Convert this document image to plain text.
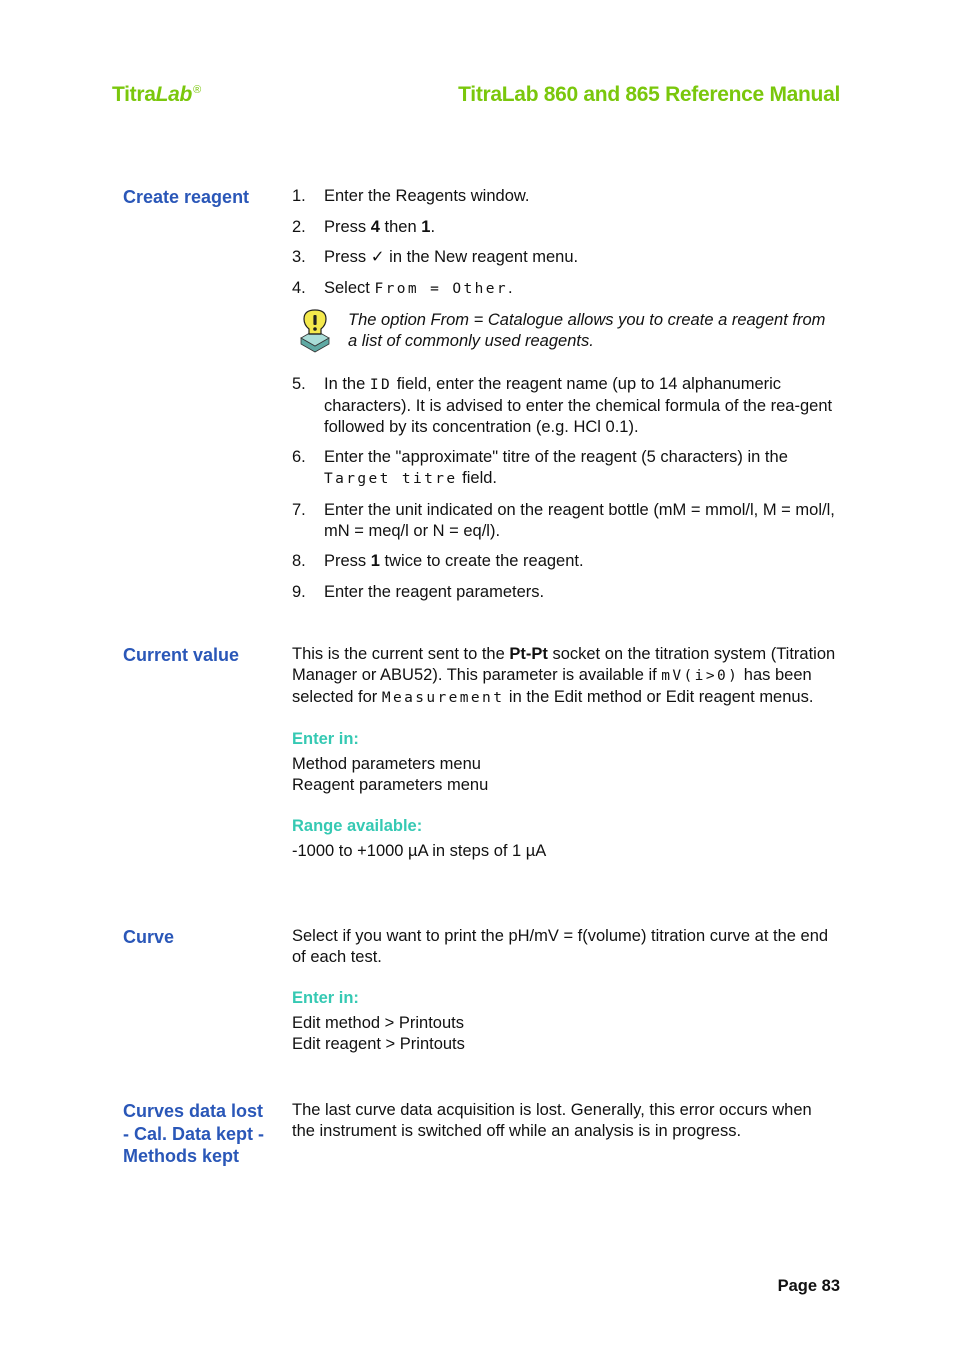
TitraLab®	TitraLab 860 and 865 Reference Manual
Create reagent	1. Enter the Reagents window.
2. Press 4 then 1.
3. Press ✓ in the New reagent menu.
4. Select From = Other.

The option From = Catalogue allows you to create a reagent from a list of commonly used reagents.

5. In the ID field, enter the reagent name (up to 14 alphanumeric characters). It is advised to enter the chemical formula of the rea-gent followed by its concentration (e.g. HCl 0.1).
6. Enter the "approximate" titre of the reagent (5 characters) in the Target titre field.
7. Enter the unit indicated on the reagent bottle (mM = mmol/l, M = mol/l, mN = meq/l or N = eq/l).
8. Press 1 twice to create the reagent.
9. Enter the reagent parameters.
Current value	This is the current sent to the Pt-Pt socket on the titration system (Titration Manager or ABU52). This parameter is available if mV(i>0) has been selected for Measurement in the Edit method or Edit reagent menus.

Enter in:

Method parameters menu

Reagent parameters menu

Range available:

-1000 to +1000 µA in steps of 1 µA

Curve	Select if you want to print the pH/mV = f(volume) titration curve at the end of each test.

Enter in:

Edit method > Printouts

Edit reagent > Printouts

Curves data lost
- Cal. Data kept -
Methods kept

The last curve data acquisition is lost. Generally, this error occurs when the instrument is switched off while an analysis is in progress.

Page 83
